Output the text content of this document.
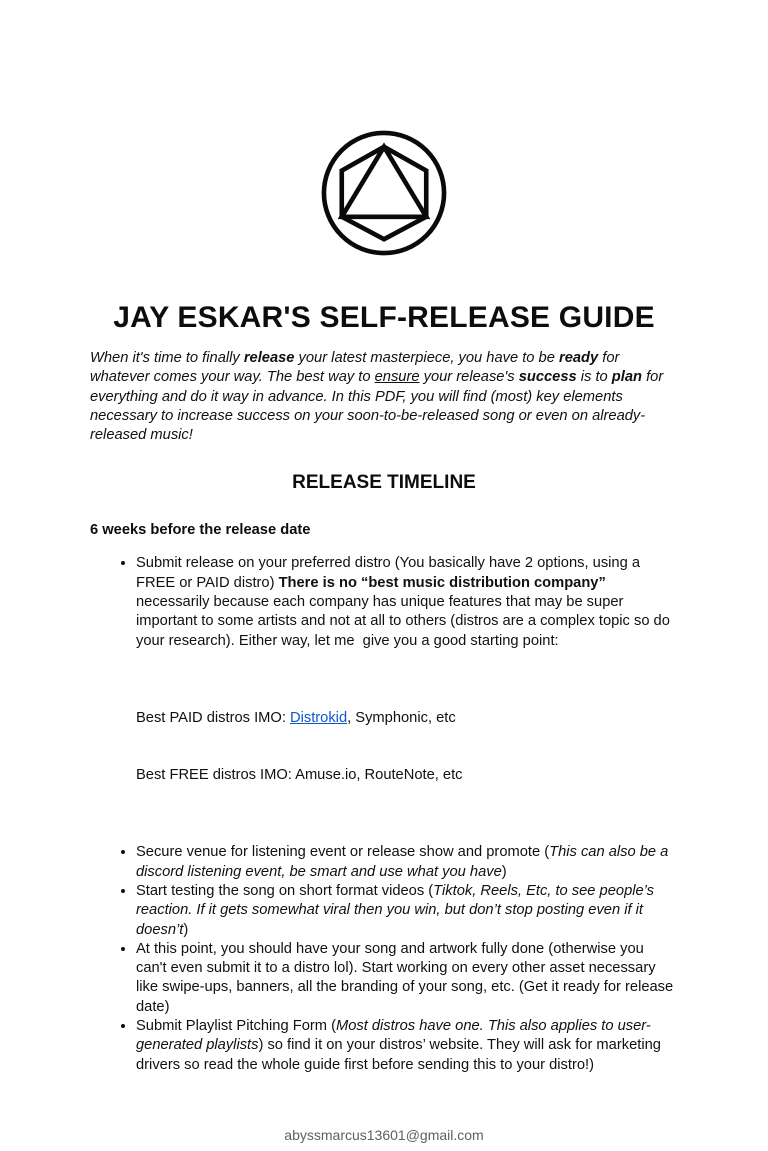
JAY ESKAR'S SELF-RELEASE GUIDE

When it's time to finally release your latest masterpiece, you have to be ready for whatever comes your way. The best way to ensure your release's success is to plan for everything and do it way in advance. In this PDF, you will find (most) key elements necessary to increase success on your soon-to-be-released song or even on already-released music!

RELEASE TIMELINE
6 weeks before the release date
• Submit release on your preferred distro (You basically have 2 options, using a FREE or PAID distro) There is no “best music distribution company” necessarily because each company has unique features that may be super important to some artists and not at all to others (distros are a complex topic so do your research). Either way, let me  give you a good starting point:

Best PAID distros IMO: Distrokid, Symphonic, etc

Best FREE distros IMO: Amuse.io, RouteNote, etc

• Secure venue for listening event or release show and promote (This can also be a discord listening event, be smart and use what you have)
• Start testing the song on short format videos (Tiktok, Reels, Etc, to see people’s reaction. If it gets somewhat viral then you win, but don’t stop posting even if it doesn’t)
• At this point, you should have your song and artwork fully done (otherwise you can't even submit it to a distro lol). Start working on every other asset necessary like swipe-ups, banners, all the branding of your song, etc. (Get it ready for release date)
• Submit Playlist Pitching Form (Most distros have one. This also applies to user-generated playlists) so find it on your distros’ website. They will ask for marketing drivers so read the whole guide first before sending this to your distro!)
abyssmarcus13601@gmail.com
